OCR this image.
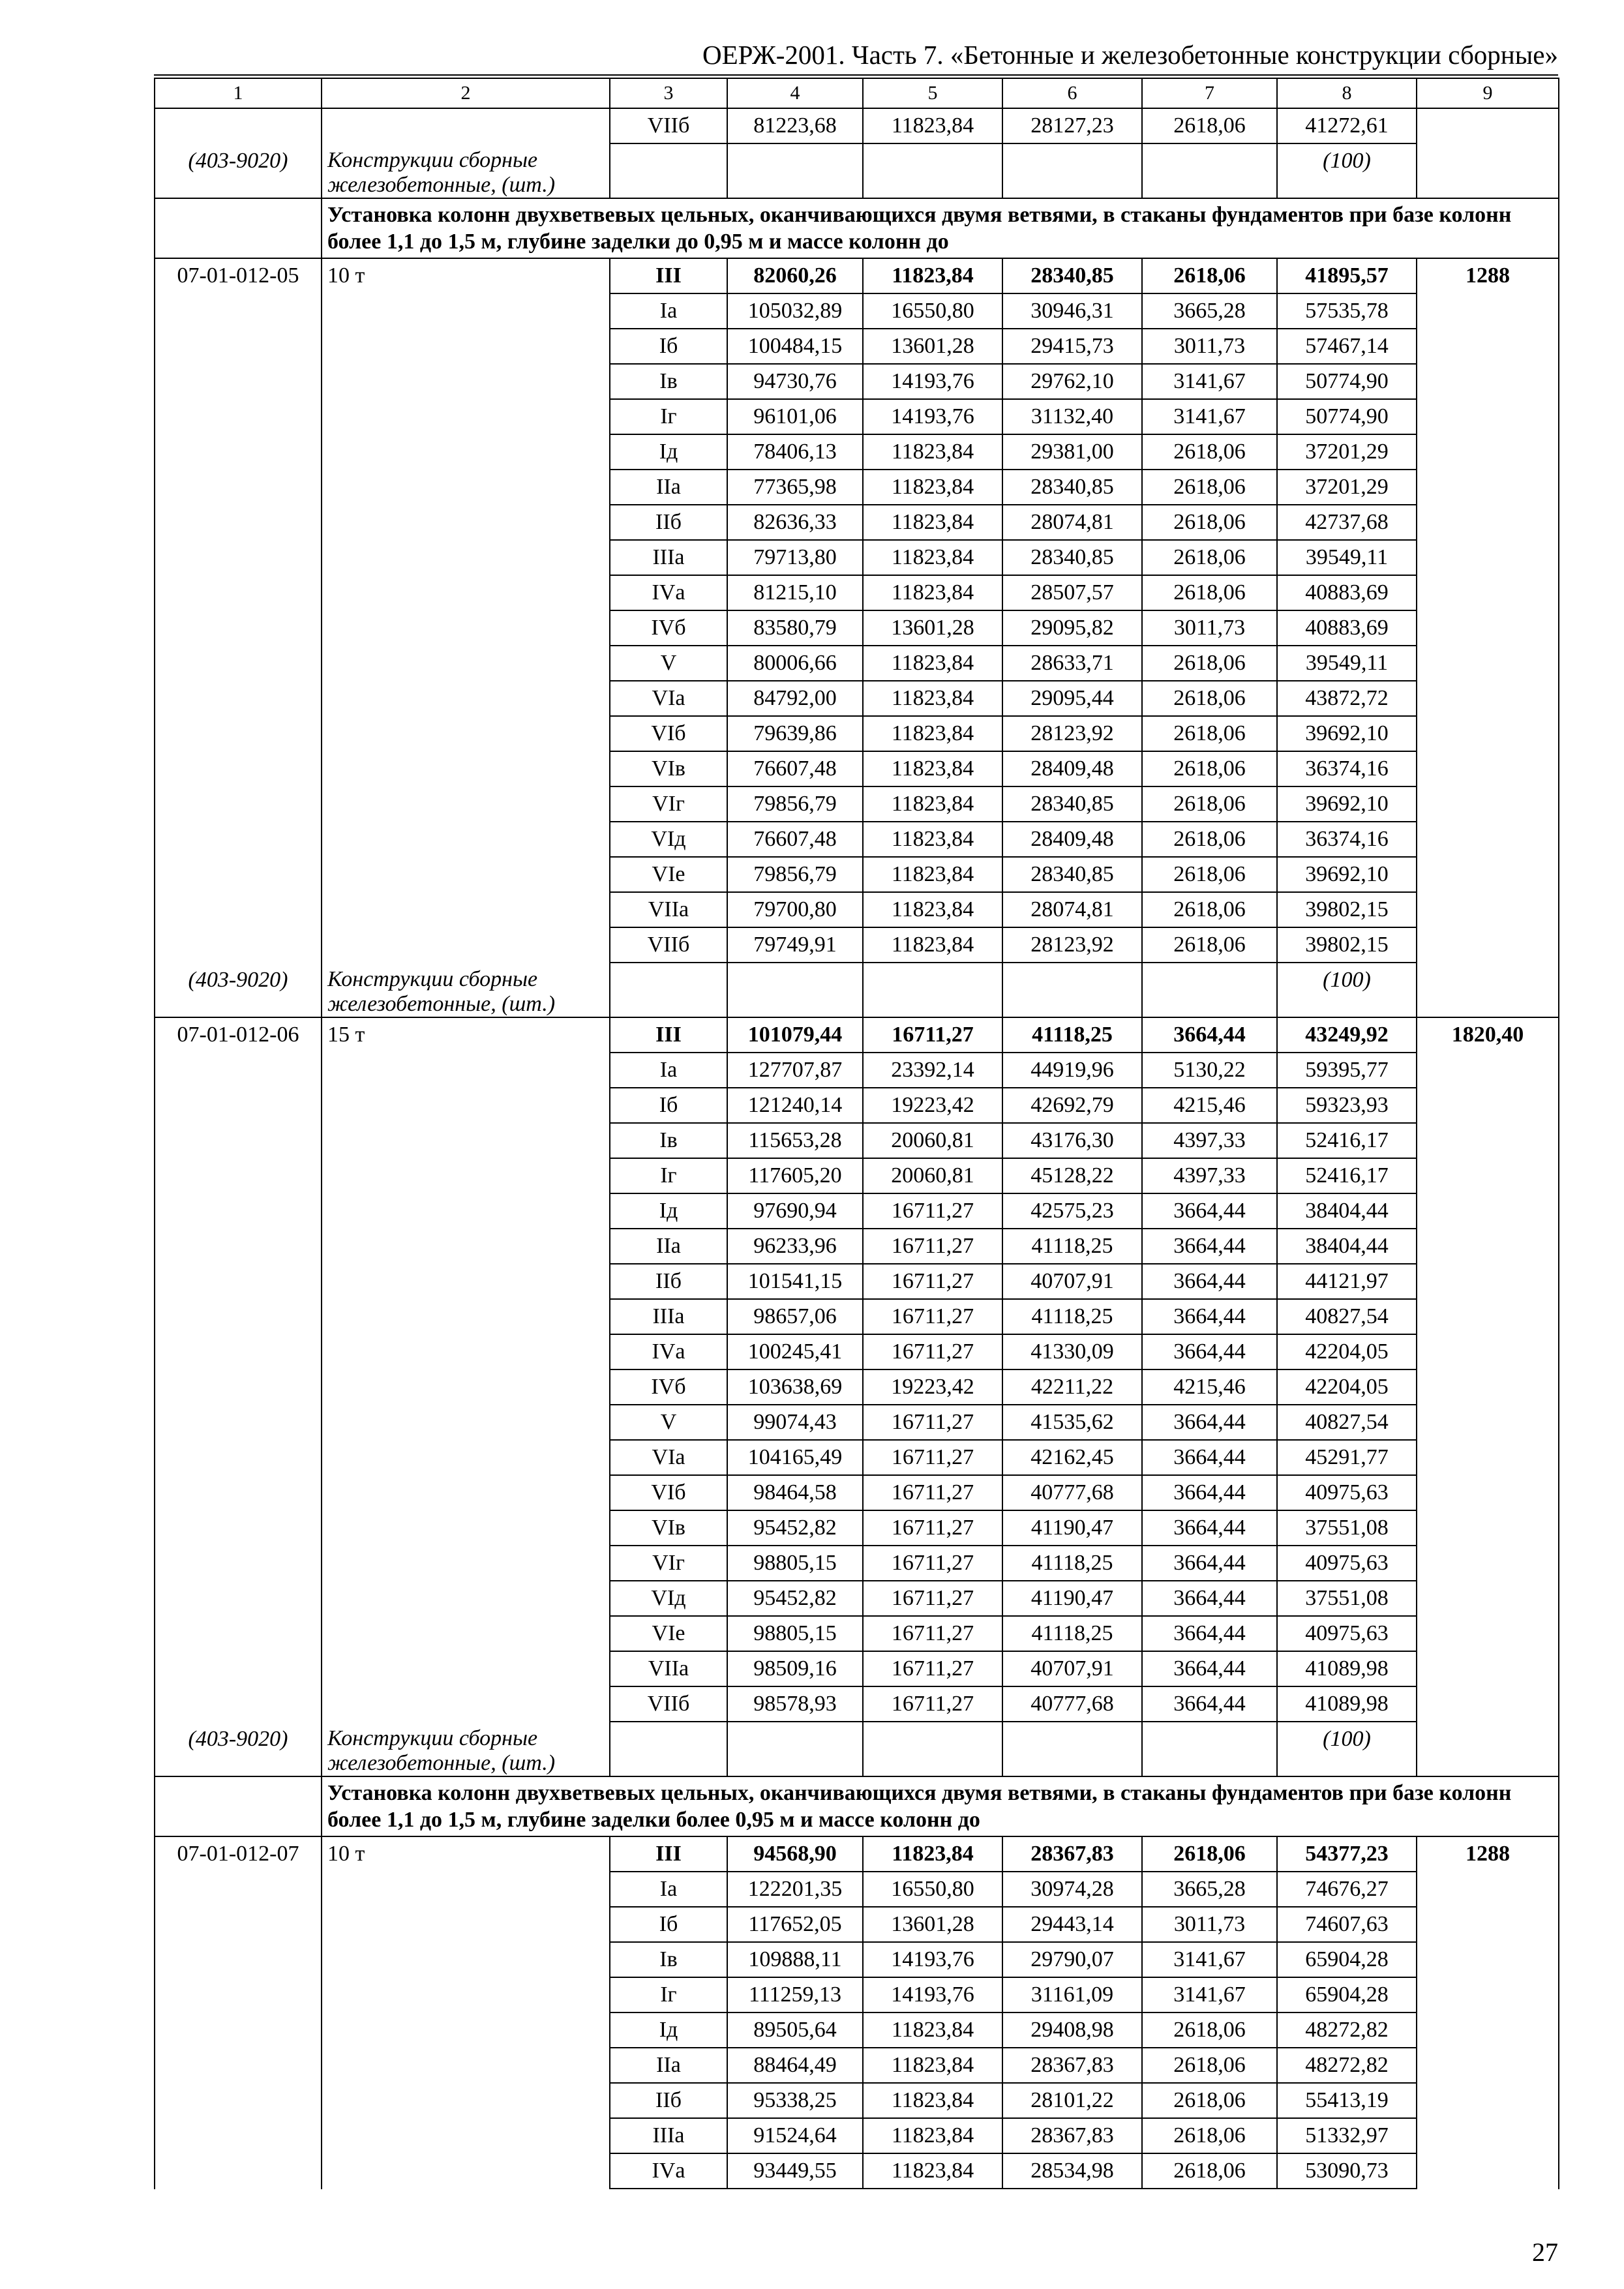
ОЕРЖ-2001. Часть 7. «Бетонные и железобетонные конструкции сборные»
1	2	3	4	5	6	7	8	9
		VIIб	81223,68	11823,84	28127,23	2618,06	41272,61	
(403-9020)	Конструкции сборные железобетонные, (шт.)						(100)	
	Установка колонн двухветвевых цельных, оканчивающихся двумя ветвями, в стаканы фундаментов при базе колонн более 1,1 до 1,5 м, глубине заделки до 0,95 м и массе колонн до							
07-01-012-05	10 т	III	82060,26	11823,84	28340,85	2618,06	41895,57	1288
		Iа	105032,89	16550,80	30946,31	3665,28	57535,78	
		Iб	100484,15	13601,28	29415,73	3011,73	57467,14	
		Iв	94730,76	14193,76	29762,10	3141,67	50774,90	
		Iг	96101,06	14193,76	31132,40	3141,67	50774,90	
		Iд	78406,13	11823,84	29381,00	2618,06	37201,29	
		IIа	77365,98	11823,84	28340,85	2618,06	37201,29	
		IIб	82636,33	11823,84	28074,81	2618,06	42737,68	
		IIIа	79713,80	11823,84	28340,85	2618,06	39549,11	
		IVа	81215,10	11823,84	28507,57	2618,06	40883,69	
		IVб	83580,79	13601,28	29095,82	3011,73	40883,69	
		V	80006,66	11823,84	28633,71	2618,06	39549,11	
		VIа	84792,00	11823,84	29095,44	2618,06	43872,72	
		VIб	79639,86	11823,84	28123,92	2618,06	39692,10	
		VIв	76607,48	11823,84	28409,48	2618,06	36374,16	
		VIг	79856,79	11823,84	28340,85	2618,06	39692,10	
		VIд	76607,48	11823,84	28409,48	2618,06	36374,16	
		VIе	79856,79	11823,84	28340,85	2618,06	39692,10	
		VIIа	79700,80	11823,84	28074,81	2618,06	39802,15	
		VIIб	79749,91	11823,84	28123,92	2618,06	39802,15	
(403-9020)	Конструкции сборные железобетонные, (шт.)						(100)	
07-01-012-06	15 т	III	101079,44	16711,27	41118,25	3664,44	43249,92	1820,40
		Iа	127707,87	23392,14	44919,96	5130,22	59395,77	
		Iб	121240,14	19223,42	42692,79	4215,46	59323,93	
		Iв	115653,28	20060,81	43176,30	4397,33	52416,17	
		Iг	117605,20	20060,81	45128,22	4397,33	52416,17	
		Iд	97690,94	16711,27	42575,23	3664,44	38404,44	
		IIа	96233,96	16711,27	41118,25	3664,44	38404,44	
		IIб	101541,15	16711,27	40707,91	3664,44	44121,97	
		IIIа	98657,06	16711,27	41118,25	3664,44	40827,54	
		IVа	100245,41	16711,27	41330,09	3664,44	42204,05	
		IVб	103638,69	19223,42	42211,22	4215,46	42204,05	
		V	99074,43	16711,27	41535,62	3664,44	40827,54	
		VIа	104165,49	16711,27	42162,45	3664,44	45291,77	
		VIб	98464,58	16711,27	40777,68	3664,44	40975,63	
		VIв	95452,82	16711,27	41190,47	3664,44	37551,08	
		VIг	98805,15	16711,27	41118,25	3664,44	40975,63	
		VIд	95452,82	16711,27	41190,47	3664,44	37551,08	
		VIе	98805,15	16711,27	41118,25	3664,44	40975,63	
		VIIа	98509,16	16711,27	40707,91	3664,44	41089,98	
		VIIб	98578,93	16711,27	40777,68	3664,44	41089,98	
(403-9020)	Конструкции сборные железобетонные, (шт.)						(100)	
	Установка колонн двухветвевых цельных, оканчивающихся двумя ветвями, в стаканы фундаментов при базе колонн более 1,1 до 1,5 м, глубине заделки более 0,95 м и массе колонн до							
07-01-012-07	10 т	III	94568,90	11823,84	28367,83	2618,06	54377,23	1288
		Iа	122201,35	16550,80	30974,28	3665,28	74676,27	
		Iб	117652,05	13601,28	29443,14	3011,73	74607,63	
		Iв	109888,11	14193,76	29790,07	3141,67	65904,28	
		Iг	111259,13	14193,76	31161,09	3141,67	65904,28	
		Iд	89505,64	11823,84	29408,98	2618,06	48272,82	
		IIа	88464,49	11823,84	28367,83	2618,06	48272,82	
		IIб	95338,25	11823,84	28101,22	2618,06	55413,19	
		IIIа	91524,64	11823,84	28367,83	2618,06	51332,97	
		IVа	93449,55	11823,84	28534,98	2618,06	53090,73	
27
